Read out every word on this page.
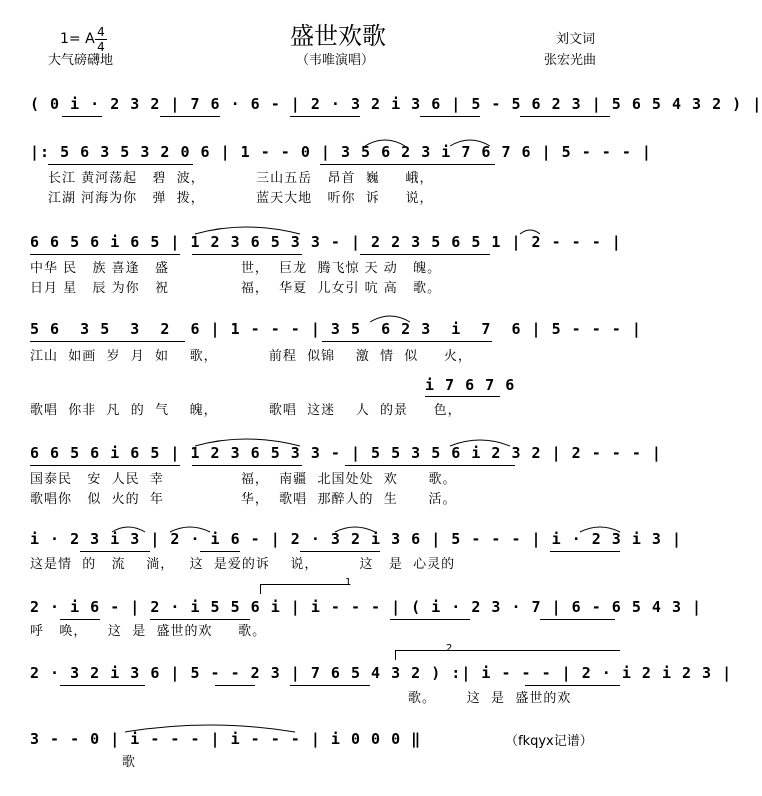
1= A 4
4
大气磅礴地
盛世欢歌
（韦唯演唱）
刘文词
张宏光曲
( 0 i · 2 3 2 | 7 6 · 6 - | 2 · 3 2 i 3 6 | 5 - 5 6 2 3 | 5 6 5 4 3 2 ) |
|: 5 6 3 5 3 2 0 6 | 1 - - 0 | 3 5 6 2 3 i 7 6 7 6 | 5 - - - |
长江 黄河荡起   碧  波，          三山五岳   昂首  巍     峨，
江湖 河海为你   弹  拨，          蓝天大地   听你  诉     说，
6 6 5 6 i 6 5 | 1 2 3 6 5 3 3 - | 2 2 3 5 6 5 1 | 2 - - - |
中华 民   族 喜逢   盛              世，  巨龙  腾飞惊 天 动   魄。
日月 星   辰 为你   祝              福，  华夏  儿女引 吭 高   歌。
5 6  3 5  3  2  6 | 1 - - - | 3 5  6 2 3  i  7  6 | 5 - - - |
江山  如画  岁  月  如    歌，          前程  似锦    激  情  似     火，
i 7 6 7 6
歌唱  你非  凡  的  气    魄，          歌唱  这迷    人  的景     色，
6 6 5 6 i 6 5 | 1 2 3 6 5 3 3 - | 5 5 3 5 6 i 2 3 2 | 2 - - - |
国泰民   安  人民  幸               福，  南疆  北国处处  欢      歌。
歌唱你   似  火的  年               华，  歌唱  那醉人的  生      活。
i · 2 3 i 3 | 2 · i 6 - | 2 · 3 2 i 3 6 | 5 - - - | i · 2 3 i 3 |
这是情  的   流    淌，   这  是爱的诉    说，        这   是  心灵的
1
2 · i 6 - | 2 · i 5 5 6 i | i - - - | ( i · 2 3 · 7 | 6 - 6 5 4 3 |
呼   唤，    这  是  盛世的欢     歌。
2
2 · 3 2 i 3 6 | 5 - - 2 3 | 7 6 5 4 3 2 ) :| i - - - | 2 · i 2 i 2 3 |
歌。      这  是  盛世的欢
3 - - 0 | i - - - | i - - - | i 0 0 0 ‖
歌
（fkqyx记谱）
